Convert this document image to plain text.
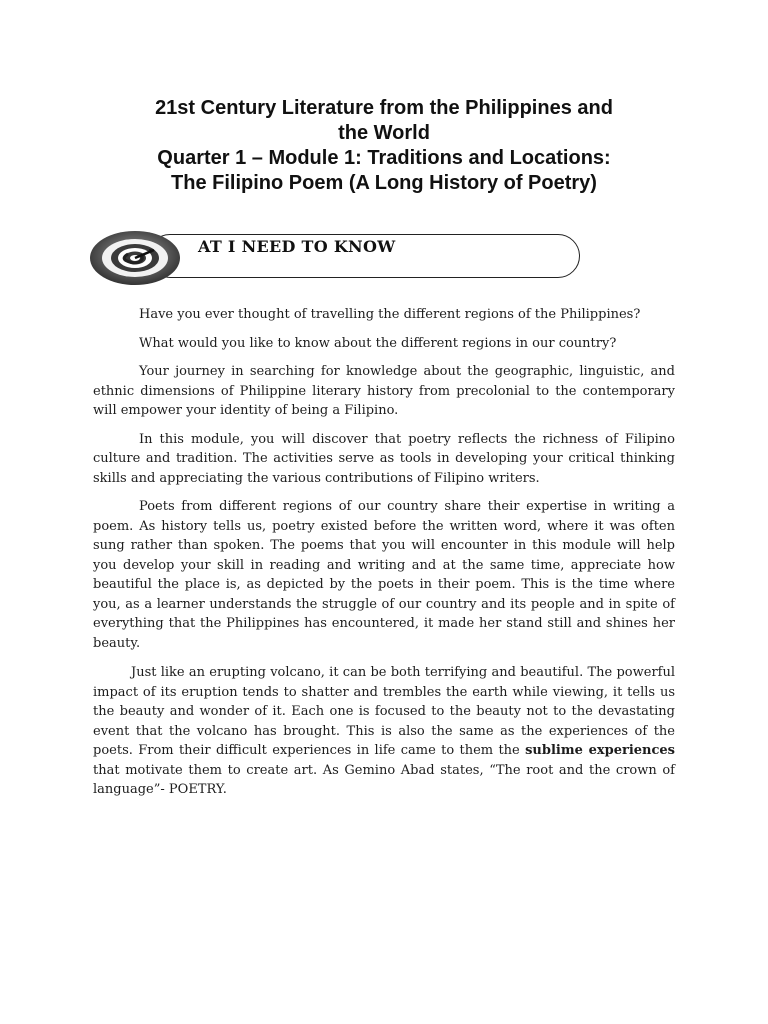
21st Century Literature from the Philippines and
the World
Quarter 1 – Module 1: Traditions and Locations:
The Filipino Poem (A Long History of Poetry)
AT I NEED TO KNOW

Have you ever thought of travelling the different regions of the Philippines?

What would you like to know about the different regions in our country?

Your journey in searching for knowledge about the geographic, linguistic, and ethnic dimensions of Philippine literary history from precolonial to the contemporary will empower your identity of being a Filipino.

In this module, you will discover that poetry reflects the richness of Filipino culture and tradition. The activities serve as tools in developing your critical thinking skills and appreciating the various contributions of Filipino writers.

Poets from different regions of our country share their expertise in writing a poem. As history tells us, poetry existed before the written word, where it was often sung rather than spoken. The poems that you will encounter in this module will help you develop your skill in reading and writing and at the same time, appreciate how beautiful the place is, as depicted by the poets in their poem. This is the time where you, as a learner understands the struggle of our country and its people and in spite of everything that the Philippines has encountered, it made her stand still and shines her beauty.

Just like an erupting volcano, it can be both terrifying and beautiful. The powerful impact of its eruption tends to shatter and trembles the earth while viewing, it tells us the beauty and wonder of it. Each one is focused to the beauty not to the devastating event that the volcano has brought. This is also the same as the experiences of the poets. From their difficult experiences in life came to them the sublime experiences that motivate them to create art. As Gemino Abad states, “The root and the crown of language”- POETRY.
